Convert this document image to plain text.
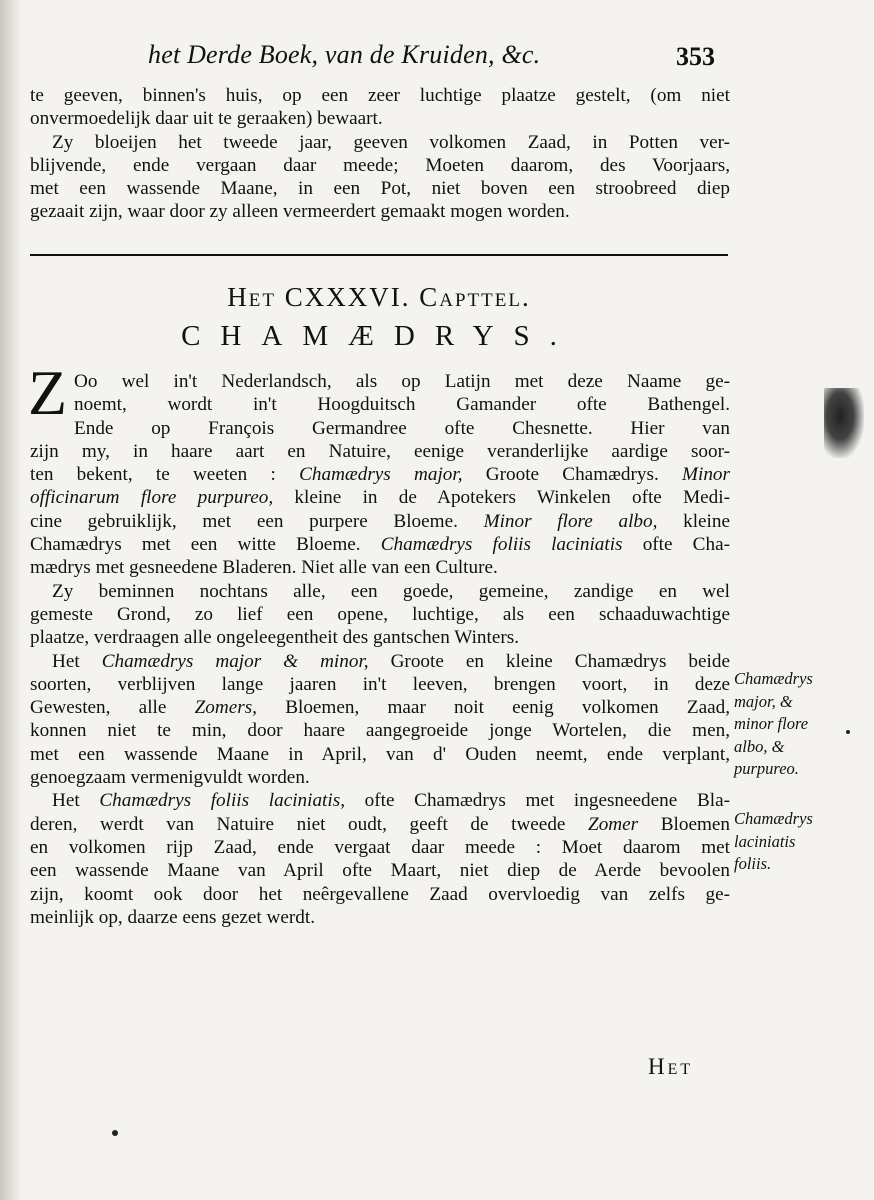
het Derde Boek, van de Kruiden, &c.	353
te geeven, binnen's huis, op een zeer luchtige plaatze gestelt, (om niet
onvermoedelijk daar uit te geraaken) bewaart.
Zy bloeijen het tweede jaar, geeven volkomen Zaad, in Potten ver-
blijvende, ende vergaan daar meede; Moeten daarom, des Voorjaars,
met een wassende Maane, in een Pot, niet boven een stroobreed diep
gezaait zijn, waar door zy alleen vermeerdert gemaakt mogen worden.
Het CXXXVI. Capttel.
CHAMÆDRYS.
Z Oo wel in't Nederlandsch, als op Latijn met deze Naame ge-
noemt, wordt in't Hoogduitsch Gamander ofte Bathengel.
Ende op François Germandree ofte Chesnette. Hier van
zijn my, in haare aart en Natuire, eenige veranderlijke aardige soor-
ten bekent, te weeten : Chamædrys major, Groote Chamædrys. Minor
officinarum flore purpureo, kleine in de Apotekers Winkelen ofte Medi-
cine gebruiklijk, met een purpere Bloeme. Minor flore albo, kleine
Chamædrys met een witte Bloeme. Chamædrys foliis laciniatis ofte Cha-
mædrys met gesneedene Bladeren. Niet alle van een Culture.
Zy beminnen nochtans alle, een goede, gemeine, zandige en wel
gemeste Grond, zo lief een opene, luchtige, als een schaaduwachtige
plaatze, verdraagen alle ongeleegentheit des gantschen Winters.
Het Chamædrys major & minor, Groote en kleine Chamædrys beide
soorten, verblijven lange jaaren in't leeven, brengen voort, in deze
Gewesten, alle Zomers, Bloemen, maar noit eenig volkomen Zaad,
konnen niet te min, door haare aangegroeide jonge Wortelen, die men,
met een wassende Maane in April, van d' Ouden neemt, ende verplant,
genoegzaam vermenigvuldt worden.
Het Chamædrys foliis laciniatis, ofte Chamædrys met ingesneedene Bla-
deren, werdt van Natuire niet oudt, geeft de tweede Zomer Bloemen
en volkomen rijp Zaad, ende vergaat daar meede : Moet daarom met
een wassende Maane van April ofte Maart, niet diep de Aerde bevoolen
zijn, koomt ook door het neêrgevallene Zaad overvloedig van zelfs ge-
meinlijk op, daarze eens gezet werdt.
Chamædrys
major, &
minor flore
albo, &
purpureo.
Chamædrys
laciniatis
foliis.
Het
